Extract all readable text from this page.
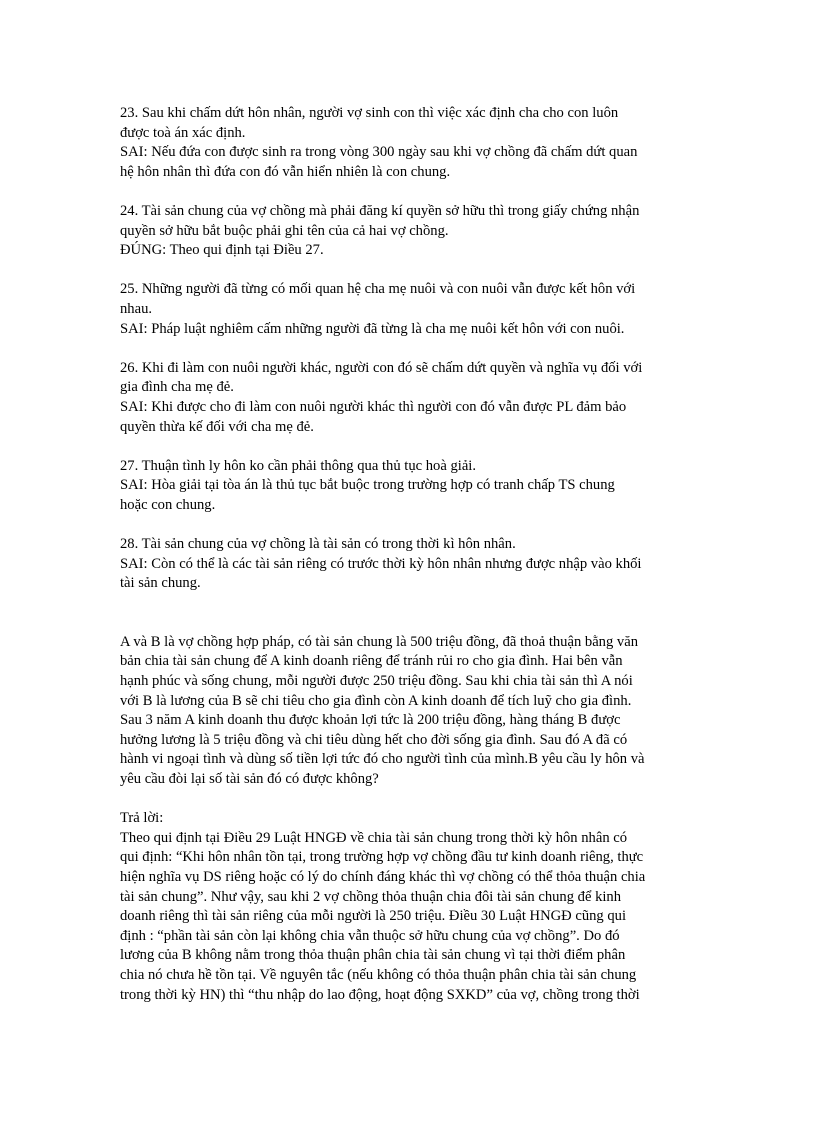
23. Sau khi chấm dứt hôn nhân, người vợ sinh con thì việc xác định cha cho con luôn
được toà án xác định.
SAI: Nếu đứa con được sinh ra trong vòng 300 ngày sau khi vợ chồng đã chấm dứt quan
hệ hôn nhân thì đứa con đó vẫn hiển nhiên là con chung.
24. Tài sản chung của vợ chồng mà phải đăng kí quyền sở hữu thì trong giấy chứng nhận
quyền sở hữu bắt buộc phải ghi tên của cả hai vợ chồng.
ĐÚNG: Theo qui định tại Điều 27.
25. Những người đã từng có mối quan hệ cha mẹ nuôi và con nuôi vẫn được kết hôn với
nhau.
SAI: Pháp luật nghiêm cấm những người đã từng là cha mẹ nuôi kết hôn với con nuôi.
26. Khi đi làm con nuôi người khác, người con đó sẽ chấm dứt quyền và nghĩa vụ đối với
gia đình cha mẹ đẻ.
SAI: Khi được cho đi làm con nuôi người khác thì người con đó vẫn được PL đảm bảo
quyền thừa kế đối với cha mẹ đẻ.
27. Thuận tình ly hôn ko cần phải thông qua thủ tục hoà giải.
SAI: Hòa giải tại tòa án là thủ tục bắt buộc trong trường hợp có tranh chấp TS chung
hoặc con chung.
28. Tài sản chung của vợ chồng là tài sản có trong thời kì hôn nhân.
SAI: Còn có thể là các tài sản riêng có trước thời kỳ hôn nhân nhưng được nhập vào khối
tài sản chung.
A và B là vợ chồng hợp pháp, có tài sản chung là 500 triệu đồng, đã thoả thuận bằng văn
bản chia tài sản chung để A kinh doanh riêng để tránh rủi ro cho gia đình. Hai bên vẫn
hạnh phúc và sống chung, mỗi người được 250 triệu đồng. Sau khi chia tài sản thì A nói
với B là lương của B sẽ chi tiêu cho gia đình còn A kinh doanh để tích luỹ cho gia đình.
Sau 3 năm A kinh doanh thu được khoản lợi tức là 200 triệu đồng, hàng tháng B được
hưởng lương là 5 triệu đồng và chi tiêu dùng hết cho đời sống gia đình. Sau đó A đã có
hành vi ngoại tình và dùng số tiền lợi tức đó cho người tình của mình.B yêu cầu ly hôn và
yêu cầu đòi lại số tài sản đó có được không?
Trả lời:
Theo qui định tại Điều 29 Luật HNGĐ về chia tài sản chung trong thời kỳ hôn nhân có
qui định: “Khi hôn nhân tồn tại, trong trường hợp vợ chồng đầu tư kinh doanh riêng, thực
hiện nghĩa vụ DS riêng hoặc có lý do chính đáng khác thì vợ chồng có thể thỏa thuận chia
tài sản chung”. Như vậy, sau khi 2 vợ chồng thỏa thuận chia đôi tài sản chung để kinh
doanh riêng thì tài sản riêng của mỗi người là 250 triệu. Điều 30 Luật HNGĐ cũng qui
định : “phần tài sản còn lại không chia vẫn thuộc sở hữu chung của vợ chồng”. Do đó
lương của B không nằm trong thỏa thuận phân chia tài sản chung vì tại thời điểm phân
chia nó chưa hề tồn tại. Về nguyên tắc (nếu không có thỏa thuận phân chia tài sản chung
trong thời kỳ HN) thì “thu nhập do lao động, hoạt động SXKD” của vợ, chồng trong thời
